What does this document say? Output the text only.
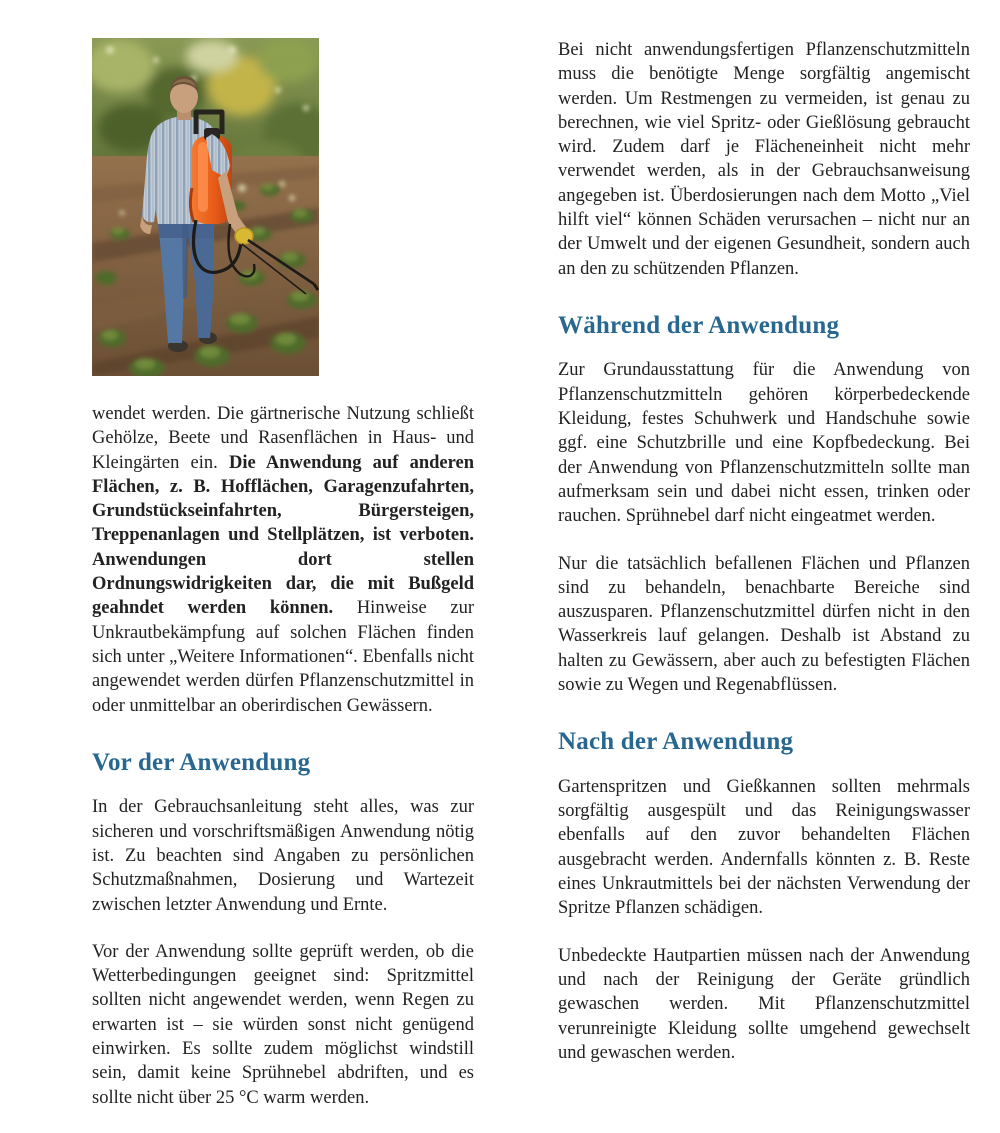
wendet werden. Die gärtnerische Nutzung schließt Gehölze, Beete und Rasenflächen in Haus- und Kleingärten ein. Die Anwendung auf anderen Flächen, z. B. Hofflächen, Garagenzufahrten, Grundstückseinfahrten, Bürgersteigen, Treppenanlagen und Stellplätzen, ist verboten. Anwendungen dort stellen Ordnungswidrigkeiten dar, die mit Bußgeld geahndet werden können. Hinweise zur Unkrautbekämpfung auf solchen Flächen finden sich unter „Weitere Informationen“. Ebenfalls nicht angewendet werden dürfen Pflanzenschutzmittel in oder unmittelbar an oberirdischen Gewässern.

Vor der Anwendung

In der Gebrauchsanleitung steht alles, was zur sicheren und vorschriftsmäßigen Anwendung nötig ist. Zu beachten sind Angaben zu persönlichen Schutzmaßnahmen, Dosierung und Wartezeit zwischen letzter Anwendung und Ernte.

Vor der Anwendung sollte geprüft werden, ob die Wetterbedingungen geeignet sind: Spritzmittel sollten nicht angewendet werden, wenn Regen zu erwarten ist – sie würden sonst nicht genügend einwirken. Es sollte zudem möglichst windstill sein, damit keine Sprühnebel abdriften, und es sollte nicht über 25 °C warm werden.

Bei nicht anwendungsfertigen Pflanzenschutzmitteln muss die benötigte Menge sorgfältig angemischt werden. Um Restmengen zu vermeiden, ist genau zu berechnen, wie viel Spritz- oder Gießlösung gebraucht wird. Zudem darf je Flächeneinheit nicht mehr verwendet werden, als in der Gebrauchsanweisung angegeben ist. Überdosierungen nach dem Motto „Viel hilft viel“ können Schäden verursachen – nicht nur an der Umwelt und der eigenen Gesundheit, sondern auch an den zu schützenden Pflanzen.

Während der Anwendung

Zur Grundausstattung für die Anwendung von Pflanzenschutzmitteln gehören körperbedeckende Kleidung, festes Schuhwerk und Handschuhe sowie ggf. eine Schutzbrille und eine Kopfbedeckung. Bei der Anwendung von Pflanzenschutzmitteln sollte man aufmerksam sein und dabei nicht essen, trinken oder rauchen. Sprühnebel darf nicht eingeatmet werden.

Nur die tatsächlich befallenen Flächen und Pflanzen sind zu behandeln, benachbarte Bereiche sind auszusparen. Pflanzenschutzmittel dürfen nicht in den Wasserkreis lauf gelangen. Deshalb ist Abstand zu halten zu Gewässern, aber auch zu befestigten Flächen sowie zu Wegen und Regenabflüssen.

Nach der Anwendung

Gartenspritzen und Gießkannen sollten mehrmals sorgfältig ausgespült und das Reinigungswasser ebenfalls auf den zuvor behandelten Flächen ausgebracht werden. Andernfalls könnten z. B. Reste eines Unkrautmittels bei der nächsten Verwendung der Spritze Pflanzen schädigen.

Unbedeckte Hautpartien müssen nach der Anwendung und nach der Reinigung der Geräte gründlich gewaschen werden. Mit Pflanzenschutzmittel verunreinigte Kleidung sollte umgehend gewechselt und gewaschen werden.
